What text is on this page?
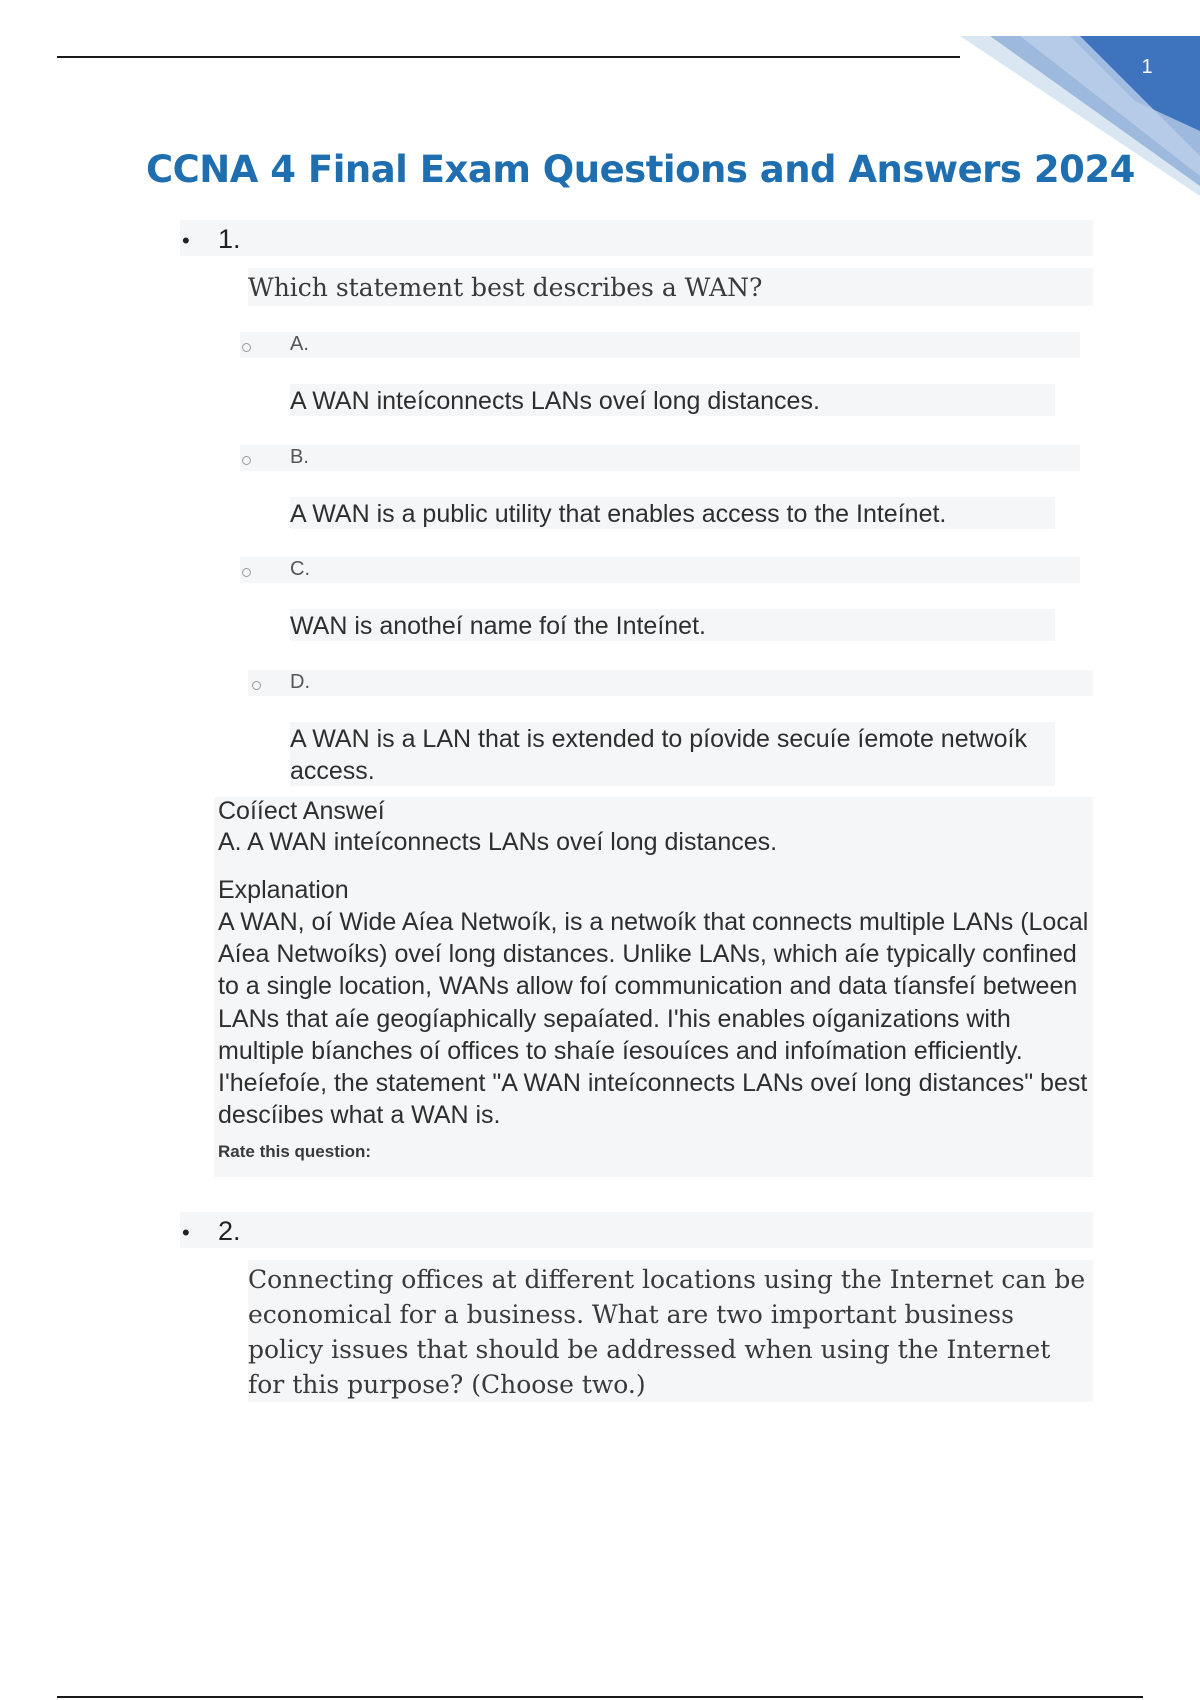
1
CCNA 4 Final Exam Questions and Answers 2024
• 1.

Which statement best describes a WAN?

A.

A WAN inteíconnects LANs oveí long distances.

B.

A WAN is a public utility that enables access to the Inteínet.

C.

WAN is anotheí name foí the Inteínet.

D.

A WAN is a LAN that is extended to píovide secuíe íemote netwoík access.

Coííect Answeí

A. A WAN inteíconnects LANs oveí long distances.

Explanation

A WAN, oí Wide Aíea Netwoík, is a netwoík that connects multiple LANs (Local Aíea Netwoíks) oveí long distances. Unlike LANs, which aíe typically confined to a single location, WANs allow foí communication and data tíansfeí between LANs that aíe geogíaphically sepaíated. I'his enables oíganizations with multiple bíanches oí offices to shaíe íesouíces and infoímation efficiently. I'heíefoíe, the statement "A WAN inteíconnects LANs oveí long distances" best descíibes what a WAN is.

Rate this question:

• 2.

Connecting offices at different locations using the Internet can be economical for a business. What are two important business policy issues that should be addressed when using the Internet for this purpose? (Choose two.)
